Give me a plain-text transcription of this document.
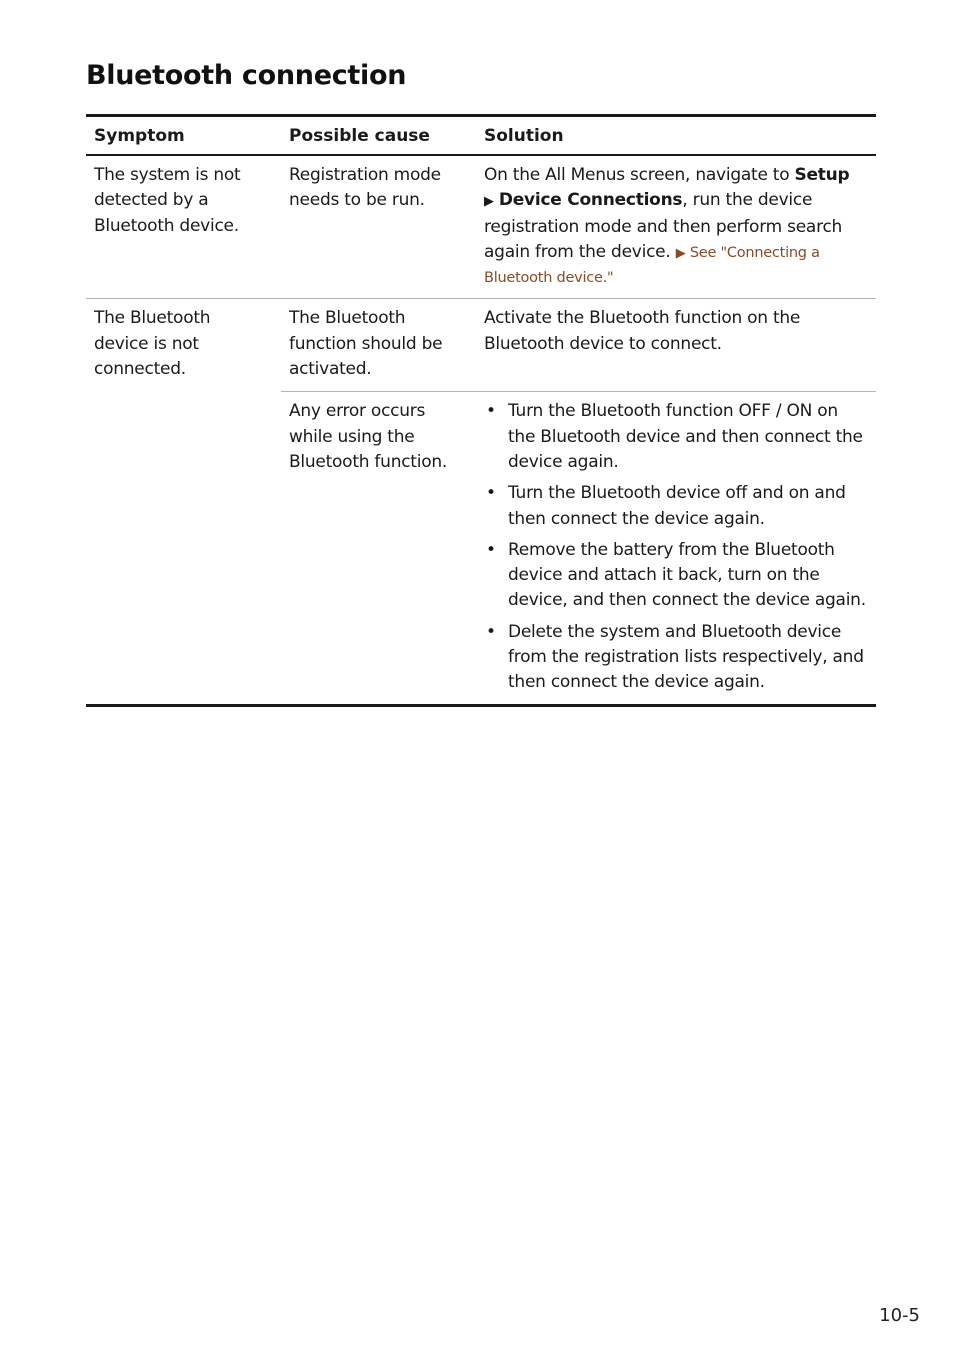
Bluetooth connection
Symptom	Possible cause	Solution
The system is not detected by a Bluetooth device.
Registration mode needs to be run.
On the All Menus screen, navigate to Setup
▶ Device Connections, run the device registration mode and then perform search again from the device. ▶ See "Connecting a Bluetooth device."
The Bluetooth device is not connected.
The Bluetooth function should be activated.
Activate the Bluetooth function on the Bluetooth device to connect.
Any error occurs while using the Bluetooth function.
• Turn the Bluetooth function OFF / ON on the Bluetooth device and then connect the device again.
• Turn the Bluetooth device off and on and then connect the device again.
• Remove the battery from the Bluetooth device and attach it back, turn on the device, and then connect the device again.
• Delete the system and Bluetooth device from the registration lists respectively, and then connect the device again.
10-5
